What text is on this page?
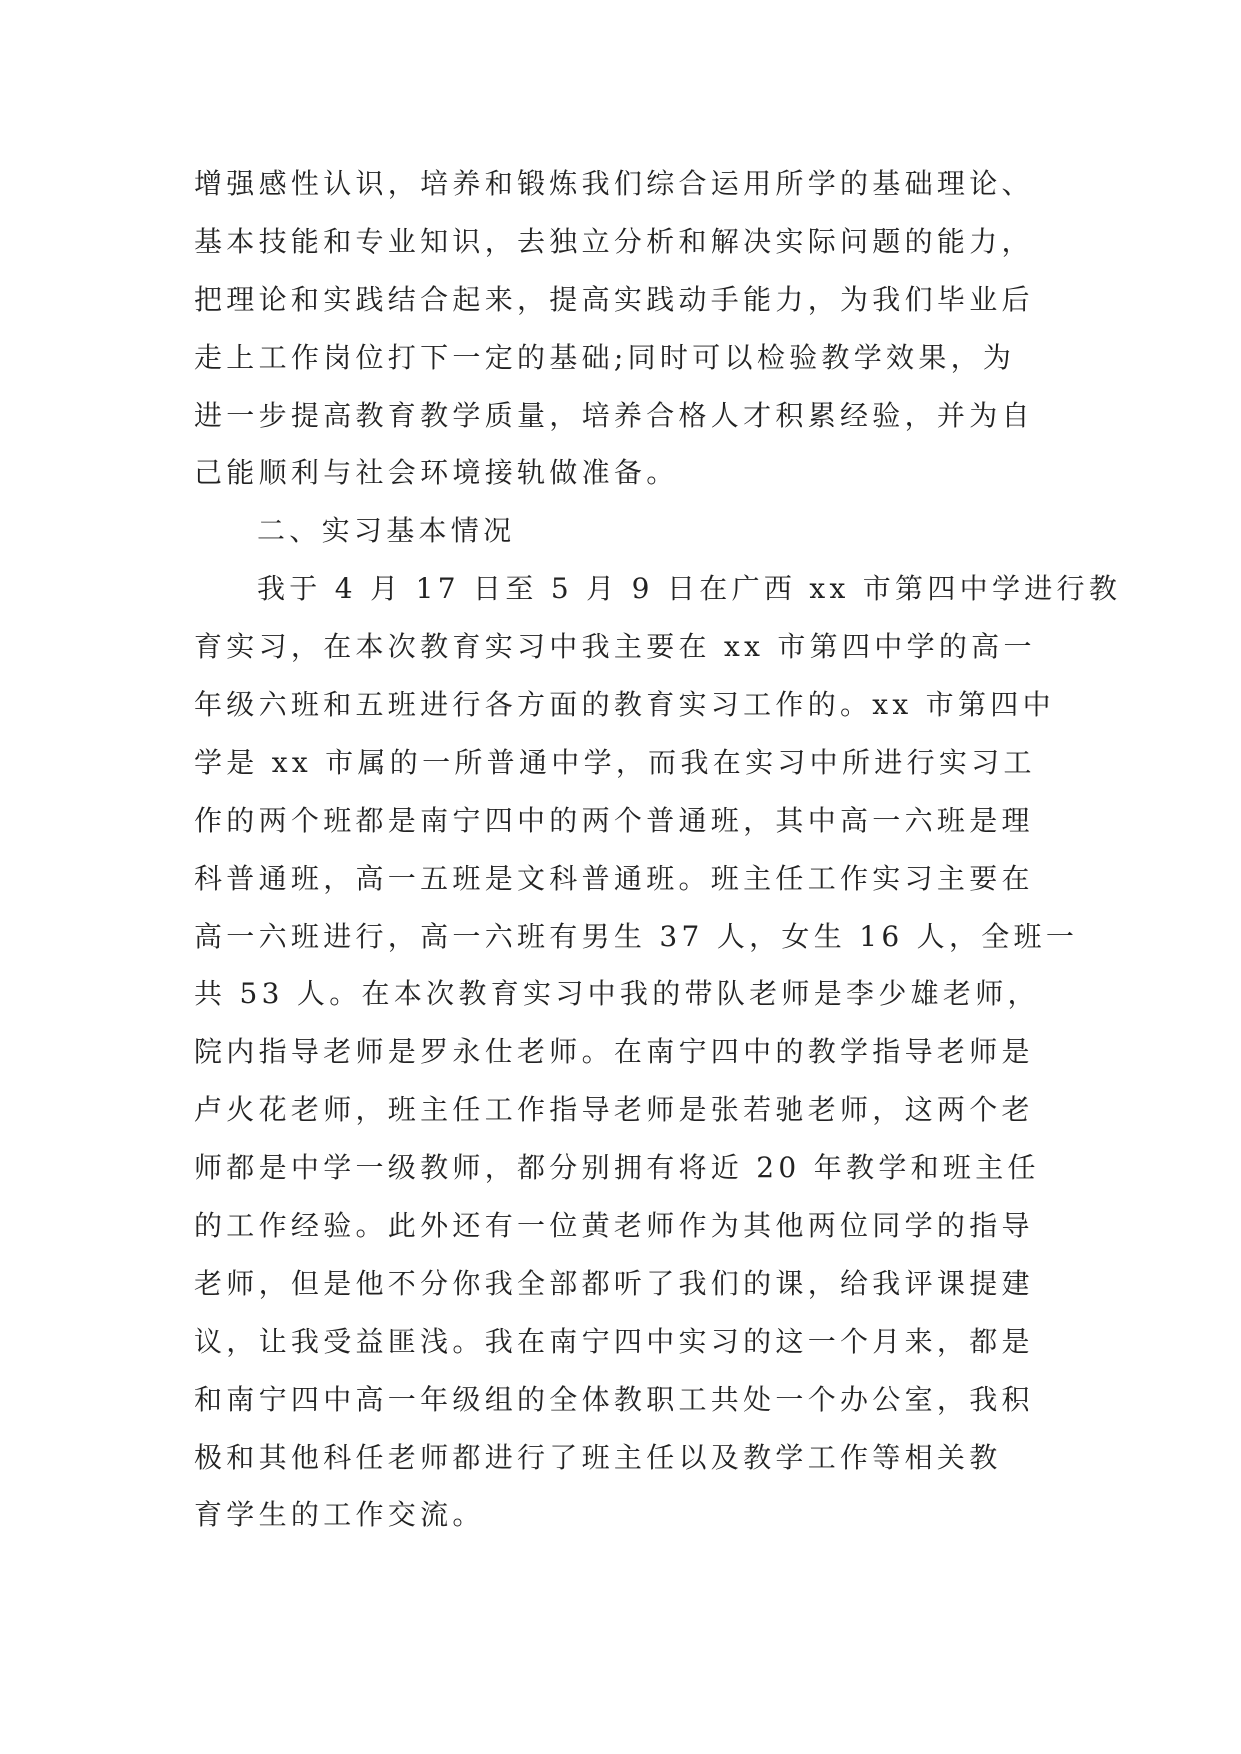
增强感性认识，培养和锻炼我们综合运用所学的基础理论、
基本技能和专业知识，去独立分析和解决实际问题的能力，
把理论和实践结合起来，提高实践动手能力，为我们毕业后
走上工作岗位打下一定的基础;同时可以检验教学效果，为
进一步提高教育教学质量，培养合格人才积累经验，并为自
己能顺利与社会环境接轨做准备。
二、实习基本情况
我于 4 月 17 日至 5 月 9 日在广西 xx 市第四中学进行教
育实习，在本次教育实习中我主要在 xx 市第四中学的高一
年级六班和五班进行各方面的教育实习工作的。xx 市第四中
学是 xx 市属的一所普通中学，而我在实习中所进行实习工
作的两个班都是南宁四中的两个普通班，其中高一六班是理
科普通班，高一五班是文科普通班。班主任工作实习主要在
高一六班进行，高一六班有男生 37 人，女生 16 人，全班一
共 53 人。在本次教育实习中我的带队老师是李少雄老师，
院内指导老师是罗永仕老师。在南宁四中的教学指导老师是
卢火花老师，班主任工作指导老师是张若驰老师，这两个老
师都是中学一级教师，都分别拥有将近 20 年教学和班主任
的工作经验。此外还有一位黄老师作为其他两位同学的指导
老师，但是他不分你我全部都听了我们的课，给我评课提建
议，让我受益匪浅。我在南宁四中实习的这一个月来，都是
和南宁四中高一年级组的全体教职工共处一个办公室，我积
极和其他科任老师都进行了班主任以及教学工作等相关教
育学生的工作交流。
